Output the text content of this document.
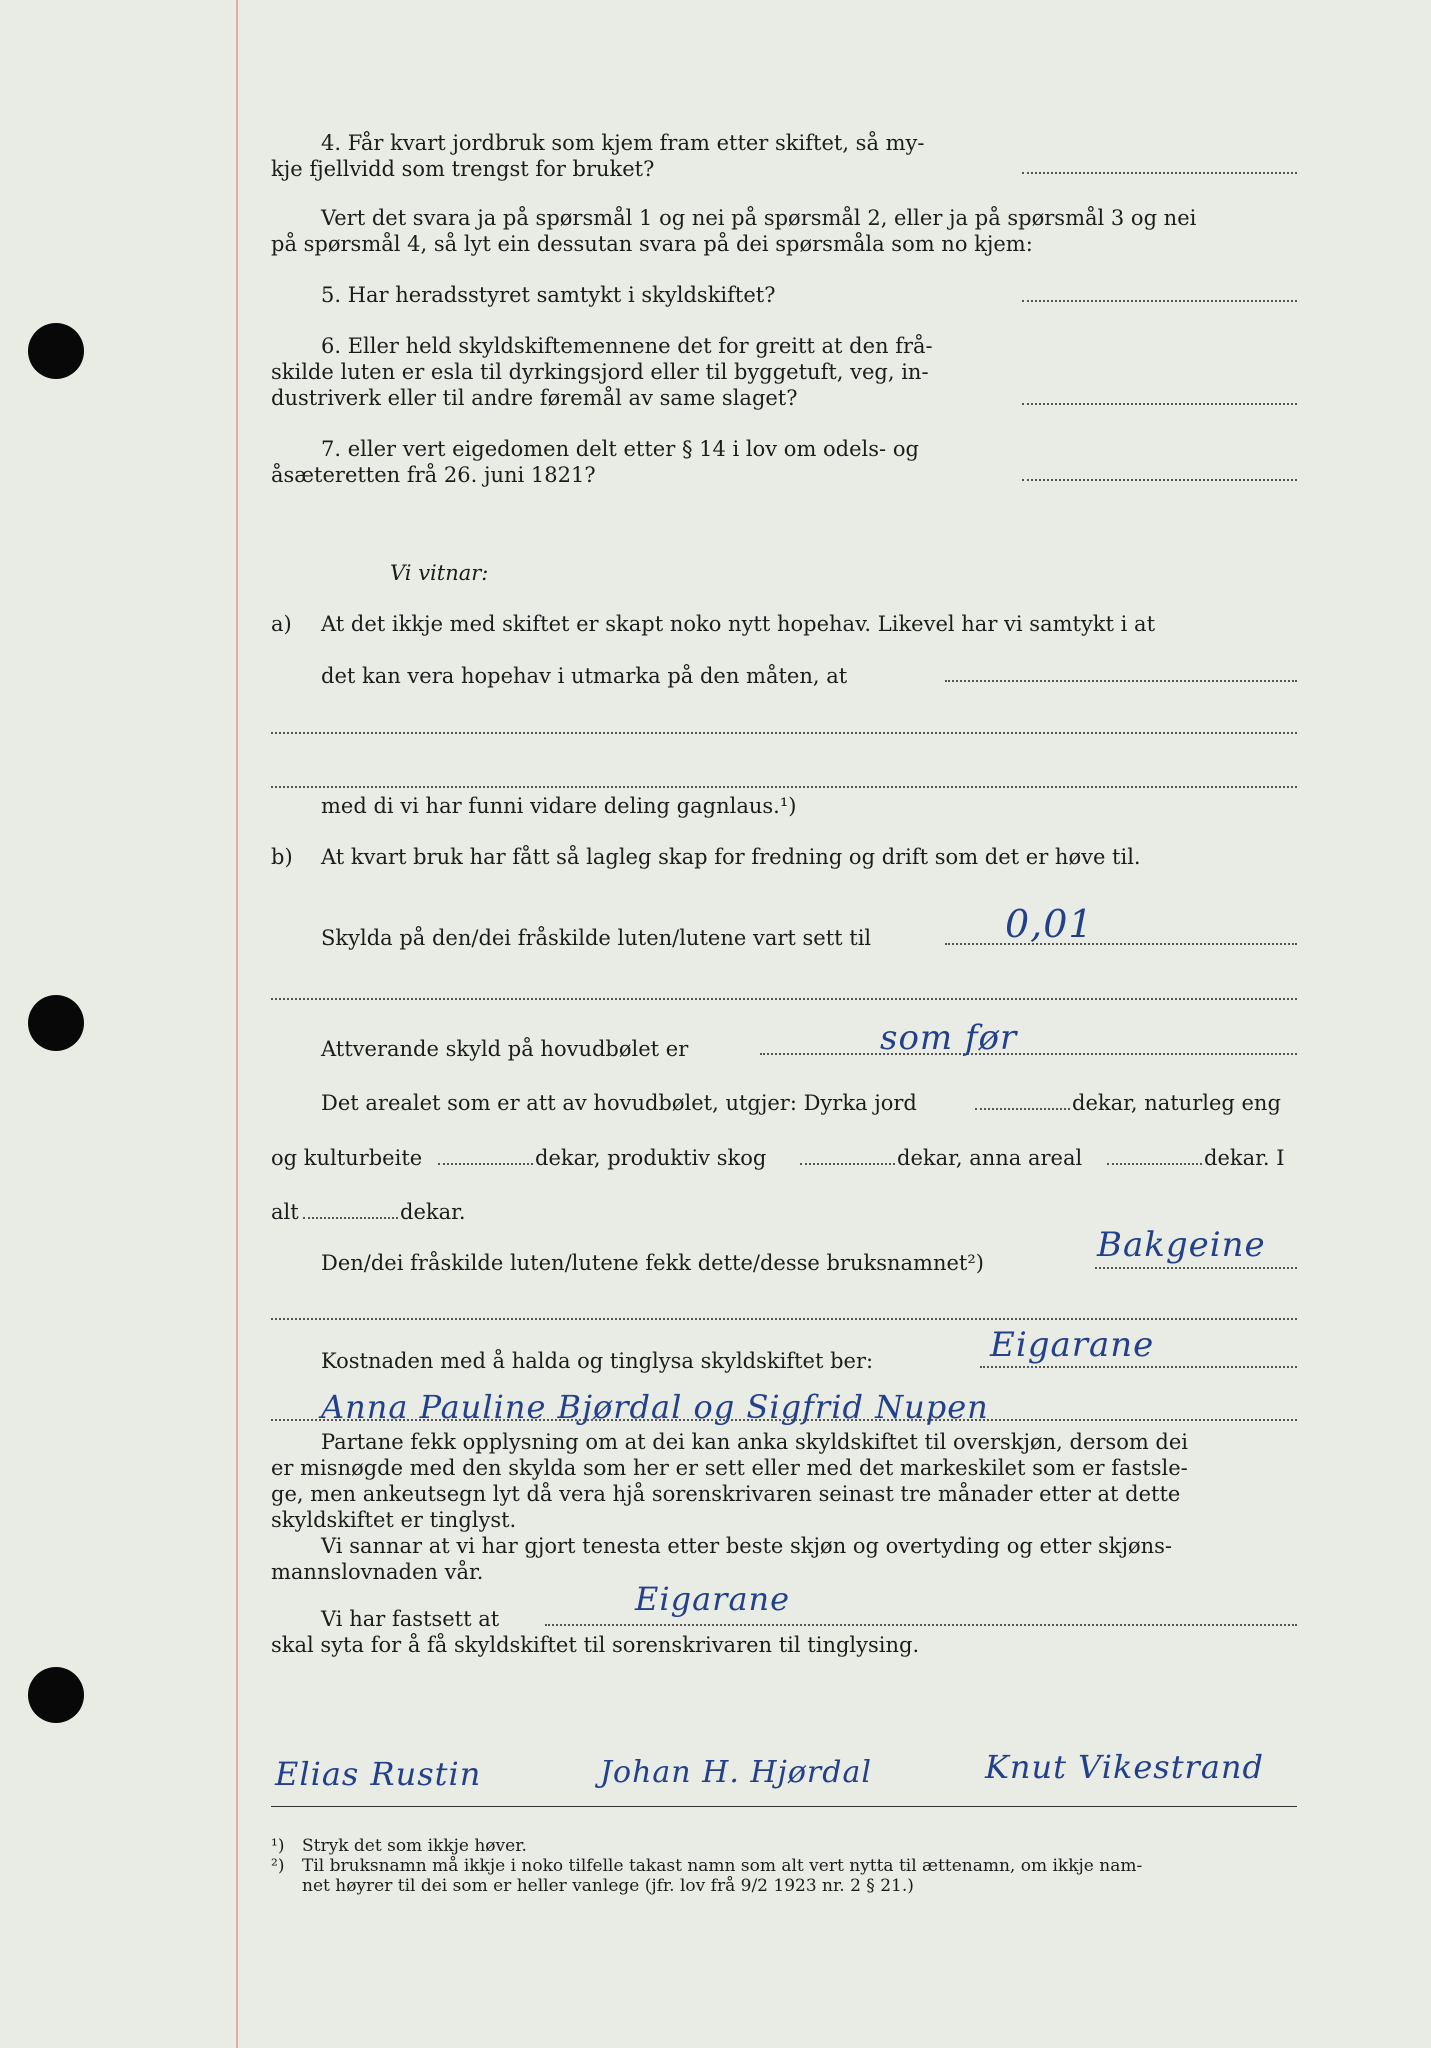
4. Får kvart jordbruk som kjem fram etter skiftet, så my-
kje fjellvidd som trengst for bruket?
Vert det svara ja på spørsmål 1 og nei på spørsmål 2, eller ja på spørsmål 3 og nei
på spørsmål 4, så lyt ein dessutan svara på dei spørsmåla som no kjem:
5. Har heradsstyret samtykt i skyldskiftet?
6. Eller held skyldskiftemennene det for greitt at den frå-
skilde luten er esla til dyrkingsjord eller til byggetuft, veg, in-
dustriverk eller til andre føremål av same slaget?
7. eller vert eigedomen delt etter § 14 i lov om odels- og
åsæteretten frå 26. juni 1821?
Vi vitnar:
a) At det ikkje med skiftet er skapt noko nytt hopehav. Likevel har vi samtykt i at
det kan vera hopehav i utmarka på den måten, at
med di vi har funni vidare deling gagnlaus.¹)
b) At kvart bruk har fått så lagleg skap for fredning og drift som det er høve til.
Skylda på den/dei fråskilde luten/lutene vart sett til	0,01
Attverande skyld på hovudbølet er	som før
Det arealet som er att av hovudbølet, utgjer: Dyrka jord	dekar, naturleg eng
og kulturbeite	dekar, produktiv skog	dekar, anna areal	dekar. I
alt	dekar.
Den/dei fråskilde luten/lutene fekk dette/desse bruksnamnet²)	Bakgeine
Kostnaden med å halda og tinglysa skyldskiftet ber:	Eigarane
Anna Pauline Bjørdal og Sigfrid Nupen
Partane fekk opplysning om at dei kan anka skyldskiftet til overskjøn, dersom dei
er misnøgde med den skylda som her er sett eller med det markeskilet som er fastsle-
ge, men ankeutsegn lyt då vera hjå sorenskrivaren seinast tre månader etter at dette
skyldskiftet er tinglyst.
Vi sannar at vi har gjort tenesta etter beste skjøn og overtyding og etter skjøns-
mannslovnaden vår.
Vi har fastsett at
Eigarane
skal syta for å få skyldskiftet til sorenskrivaren til tinglysing.
Elias Rustin	Johan H. Hjørdal	Knut Vikestrand
¹) Stryk det som ikkje høver.
²) Til bruksnamn må ikkje i noko tilfelle takast namn som alt vert nytta til ættenamn, om ikkje nam-
net høyrer til dei som er heller vanlege (jfr. lov frå 9/2 1923 nr. 2 § 21.)
